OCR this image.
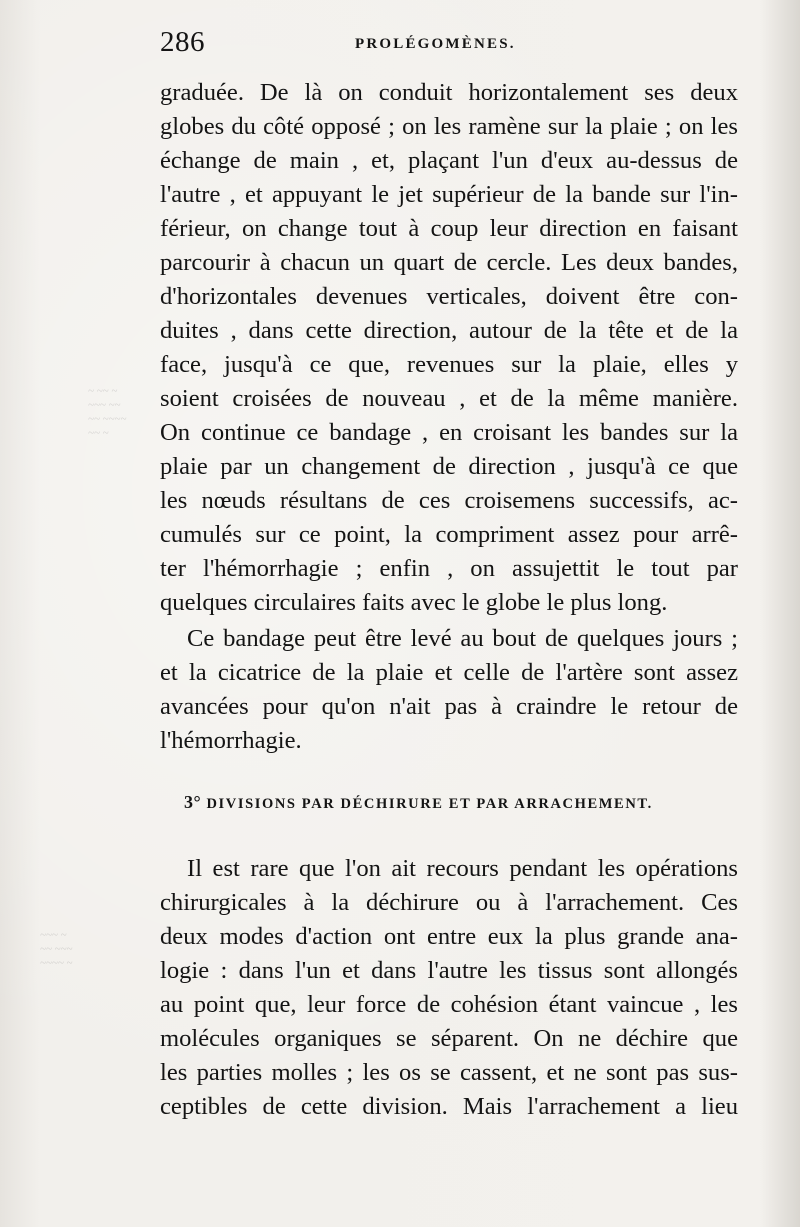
~ ~~ ~
~~~ ~~
~~ ~~~~
~~ ~
~~~ ~
~~ ~~~
~~~~ ~
286	PROLÉGOMÈNES.
graduée. De là on conduit horizontalement ses deux
globes du côté opposé ; on les ramène sur la plaie ; on les
échange de main , et, plaçant l'un d'eux au-dessus de
l'autre , et appuyant le jet supérieur de la bande sur l'in-
férieur, on change tout à coup leur direction en faisant
parcourir à chacun un quart de cercle. Les deux bandes,
d'horizontales devenues verticales, doivent être con-
duites , dans cette direction, autour de la tête et de la
face, jusqu'à ce que, revenues sur la plaie, elles y
soient croisées de nouveau , et de la même manière.
On continue ce bandage , en croisant les bandes sur la
plaie par un changement de direction , jusqu'à ce que
les nœuds résultans de ces croisemens successifs, ac-
cumulés sur ce point, la compriment assez pour arrê-
ter l'hémorrhagie ; enfin , on assujettit le tout par
quelques circulaires faits avec le globe le plus long.
Ce bandage peut être levé au bout de quelques jours ;
et la cicatrice de la plaie et celle de l'artère sont assez
avancées pour qu'on n'ait pas à craindre le retour de
l'hémorrhagie.
3° DIVISIONS PAR DÉCHIRURE ET PAR ARRACHEMENT.
Il est rare que l'on ait recours pendant les opérations
chirurgicales à la déchirure ou à l'arrachement. Ces
deux modes d'action ont entre eux la plus grande ana-
logie : dans l'un et dans l'autre les tissus sont allongés
au point que, leur force de cohésion étant vaincue , les
molécules organiques se séparent. On ne déchire que
les parties molles ; les os se cassent, et ne sont pas sus-
ceptibles de cette division. Mais l'arrachement a lieu
